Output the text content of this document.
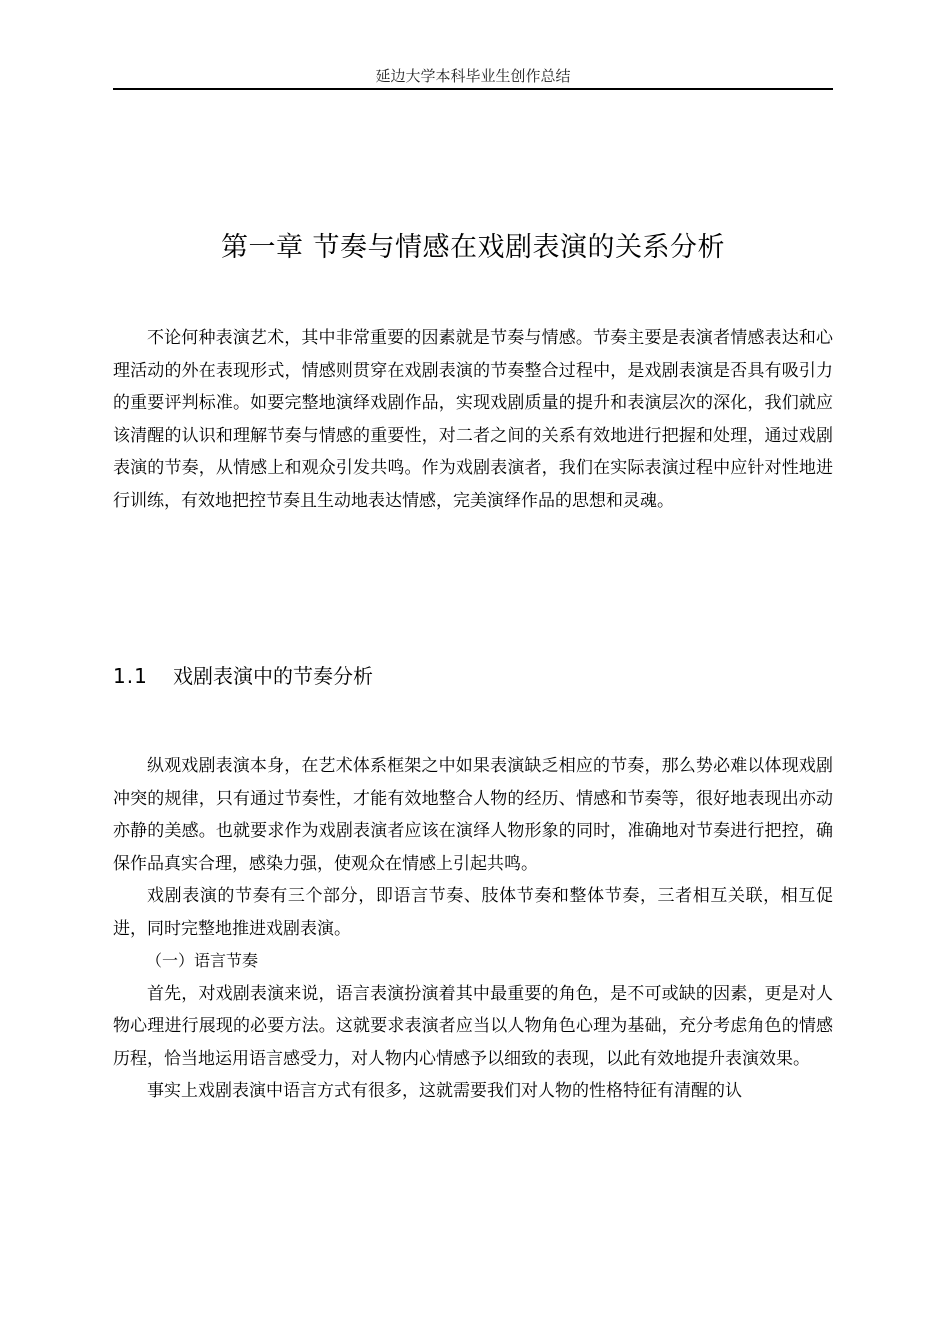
延边大学本科毕业生创作总结
第一章 节奏与情感在戏剧表演的关系分析

不论何种表演艺术，其中非常重要的因素就是节奏与情感。节奏主要是表演者情感表达和心理活动的外在表现形式，情感则贯穿在戏剧表演的节奏整合过程中，是戏剧表演是否具有吸引力的重要评判标准。如要完整地演绎戏剧作品，实现戏剧质量的提升和表演层次的深化，我们就应该清醒的认识和理解节奏与情感的重要性，对二者之间的关系有效地进行把握和处理，通过戏剧表演的节奏，从情感上和观众引发共鸣。作为戏剧表演者，我们在实际表演过程中应针对性地进行训练，有效地把控节奏且生动地表达情感，完美演绎作品的思想和灵魂。

1.1 戏剧表演中的节奏分析

纵观戏剧表演本身，在艺术体系框架之中如果表演缺乏相应的节奏，那么势必难以体现戏剧冲突的规律，只有通过节奏性，才能有效地整合人物的经历、情感和节奏等，很好地表现出亦动亦静的美感。也就要求作为戏剧表演者应该在演绎人物形象的同时，准确地对节奏进行把控，确保作品真实合理，感染力强，使观众在情感上引起共鸣。

戏剧表演的节奏有三个部分，即语言节奏、肢体节奏和整体节奏，三者相互关联，相互促进，同时完整地推进戏剧表演。

（一）语言节奏

首先，对戏剧表演来说，语言表演扮演着其中最重要的角色，是不可或缺的因素，更是对人物心理进行展现的必要方法。这就要求表演者应当以人物角色心理为基础，充分考虑角色的情感历程，恰当地运用语言感受力，对人物内心情感予以细致的表现，以此有效地提升表演效果。

事实上戏剧表演中语言方式有很多，这就需要我们对人物的性格特征有清醒的认
